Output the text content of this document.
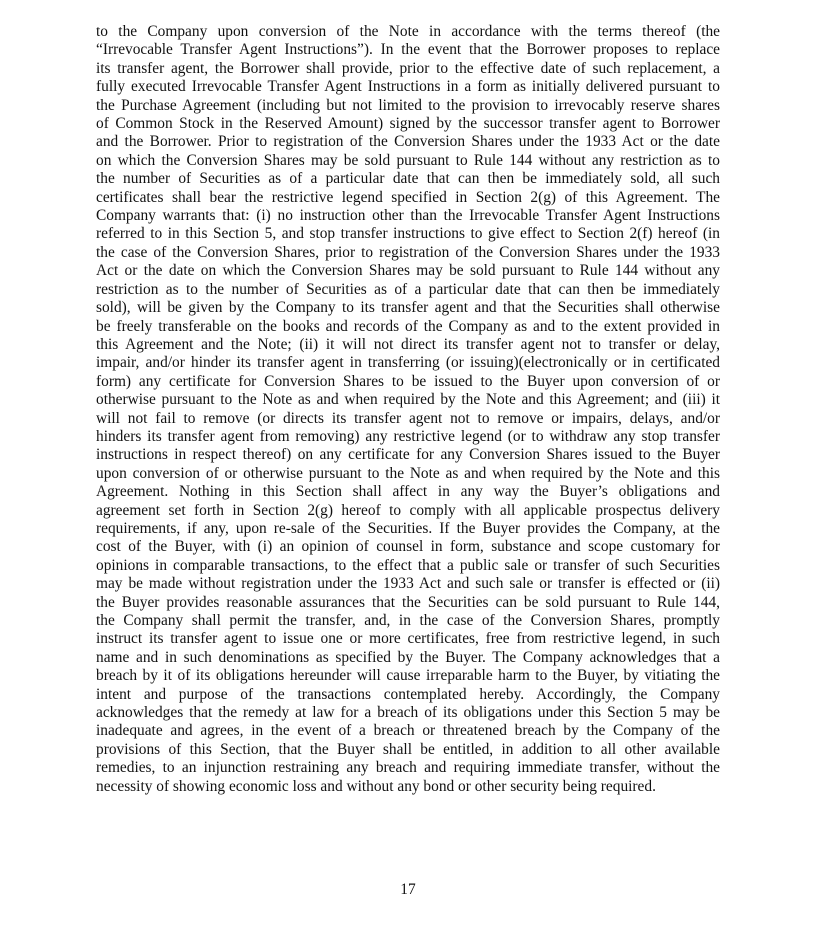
to the Company upon conversion of the Note in accordance with the terms thereof (the
“Irrevocable Transfer Agent Instructions”). In the event that the Borrower proposes to replace
its transfer agent, the Borrower shall provide, prior to the effective date of such replacement, a
fully executed Irrevocable Transfer Agent Instructions in a form as initially delivered pursuant to
the Purchase Agreement (including but not limited to the provision to irrevocably reserve shares
of Common Stock in the Reserved Amount) signed by the successor transfer agent to Borrower
and the Borrower. Prior to registration of the Conversion Shares under the 1933 Act or the date
on which the Conversion Shares may be sold pursuant to Rule 144 without any restriction as to
the number of Securities as of a particular date that can then be immediately sold, all such
certificates shall bear the restrictive legend specified in Section 2(g) of this Agreement. The
Company warrants that: (i) no instruction other than the Irrevocable Transfer Agent Instructions
referred to in this Section 5, and stop transfer instructions to give effect to Section 2(f) hereof (in
the case of the Conversion Shares, prior to registration of the Conversion Shares under the 1933
Act or the date on which the Conversion Shares may be sold pursuant to Rule 144 without any
restriction as to the number of Securities as of a particular date that can then be immediately
sold), will be given by the Company to its transfer agent and that the Securities shall otherwise
be freely transferable on the books and records of the Company as and to the extent provided in
this Agreement and the Note; (ii) it will not direct its transfer agent not to transfer or delay,
impair, and/or hinder its transfer agent in transferring (or issuing)(electronically or in certificated
form) any certificate for Conversion Shares to be issued to the Buyer upon conversion of or
otherwise pursuant to the Note as and when required by the Note and this Agreement; and (iii) it
will not fail to remove (or directs its transfer agent not to remove or impairs, delays, and/or
hinders its transfer agent from removing) any restrictive legend (or to withdraw any stop transfer
instructions in respect thereof) on any certificate for any Conversion Shares issued to the Buyer
upon conversion of or otherwise pursuant to the Note as and when required by the Note and this
Agreement. Nothing in this Section shall affect in any way the Buyer’s obligations and
agreement set forth in Section 2(g) hereof to comply with all applicable prospectus delivery
requirements, if any, upon re-sale of the Securities. If the Buyer provides the Company, at the
cost of the Buyer, with (i) an opinion of counsel in form, substance and scope customary for
opinions in comparable transactions, to the effect that a public sale or transfer of such Securities
may be made without registration under the 1933 Act and such sale or transfer is effected or (ii)
the Buyer provides reasonable assurances that the Securities can be sold pursuant to Rule 144,
the Company shall permit the transfer, and, in the case of the Conversion Shares, promptly
instruct its transfer agent to issue one or more certificates, free from restrictive legend, in such
name and in such denominations as specified by the Buyer. The Company acknowledges that a
breach by it of its obligations hereunder will cause irreparable harm to the Buyer, by vitiating the
intent and purpose of the transactions contemplated hereby. Accordingly, the Company
acknowledges that the remedy at law for a breach of its obligations under this Section 5 may be
inadequate and agrees, in the event of a breach or threatened breach by the Company of the
provisions of this Section, that the Buyer shall be entitled, in addition to all other available
remedies, to an injunction restraining any breach and requiring immediate transfer, without the
necessity of showing economic loss and without any bond or other security being required.
17
